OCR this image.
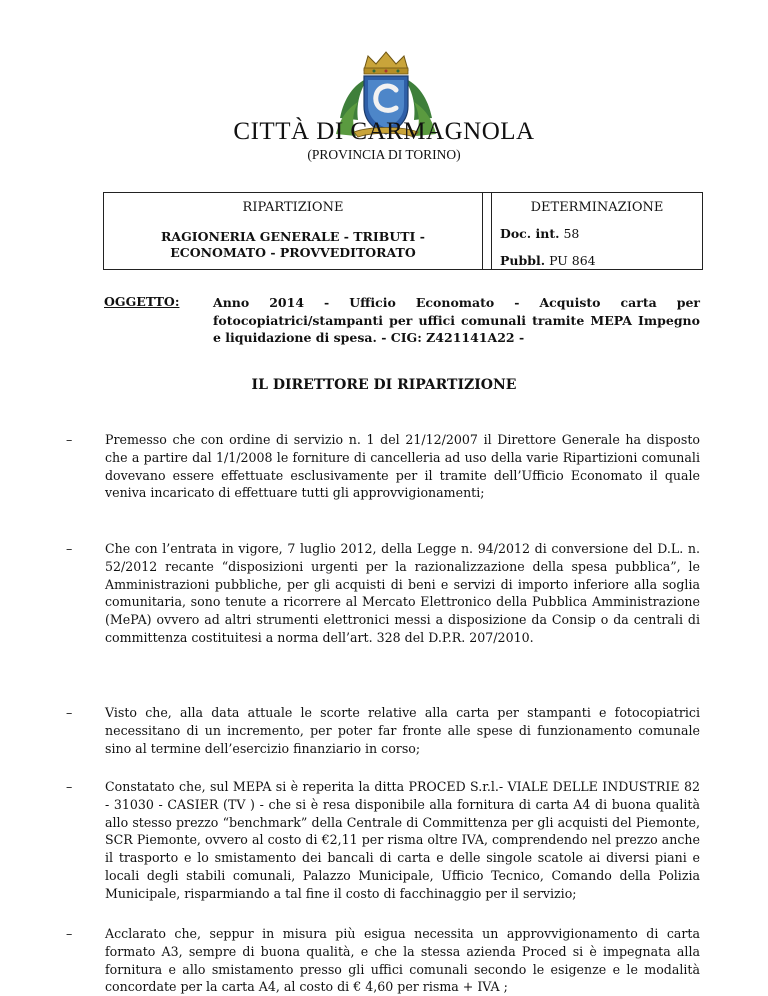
CITTÀ DI CARMAGNOLA
(PROVINCIA DI TORINO)
RIPARTIZIONE
RAGIONERIA GENERALE - TRIBUTI -
ECONOMATO - PROVVEDITORATO
DETERMINAZIONE
Doc. int. 58
Pubbl. PU 864
OGGETTO:	Anno 2014 - Ufficio Economato - Acquisto carta per fotocopiatrici/stampanti per uffici comunali tramite MEPA Impegno e liquidazione di spesa. - CIG: Z421141A22 -
IL DIRETTORE DI RIPARTIZIONE
–	Premesso che con ordine di servizio n. 1 del 21/12/2007 il Direttore Generale ha disposto che a partire dal 1/1/2008 le forniture di cancelleria ad uso della varie Ripartizioni comunali dovevano essere effettuate esclusivamente per il tramite dell’Ufficio Economato il quale veniva incaricato di effettuare tutti gli approvvigionamenti;
–	Che con l’entrata in vigore, 7 luglio 2012, della Legge n. 94/2012 di conversione del D.L. n. 52/2012 recante “disposizioni urgenti per la razionalizzazione della spesa pubblica”, le Amministrazioni pubbliche, per gli acquisti di beni e servizi di importo inferiore alla soglia comunitaria, sono tenute a ricorrere al Mercato Elettronico della Pubblica Amministrazione (MePA) ovvero ad altri strumenti elettronici messi a disposizione da Consip o da centrali di committenza costituitesi a norma dell’art. 328 del D.P.R. 207/2010.
–	Visto che, alla data attuale le scorte relative alla carta per stampanti e fotocopiatrici necessitano di un incremento, per poter far fronte alle spese di funzionamento comunale sino al termine dell’esercizio finanziario in corso;
–	Constatato che, sul MEPA si è reperita la ditta PROCED S.r.l.- VIALE DELLE INDUSTRIE 82 - 31030 - CASIER (TV ) - che si è resa disponibile alla fornitura di carta A4 di buona qualità allo stesso prezzo “benchmark” della Centrale di Committenza per gli acquisti del Piemonte, SCR Piemonte, ovvero al costo di €2,11 per risma oltre IVA, comprendendo nel prezzo anche il trasporto e lo smistamento dei bancali di carta e delle singole scatole ai diversi piani e locali degli stabili comunali, Palazzo Municipale, Ufficio Tecnico, Comando della Polizia Municipale, risparmiando a tal fine il costo di facchinaggio per il servizio;
–	Acclarato che, seppur in misura più esigua necessita un approvvigionamento di carta formato A3, sempre di buona qualità, e che la stessa azienda Proced si è impegnata alla fornitura e allo smistamento presso gli uffici comunali secondo le esigenze e le modalità concordate per la carta A4, al costo di € 4,60 per risma + IVA ;
